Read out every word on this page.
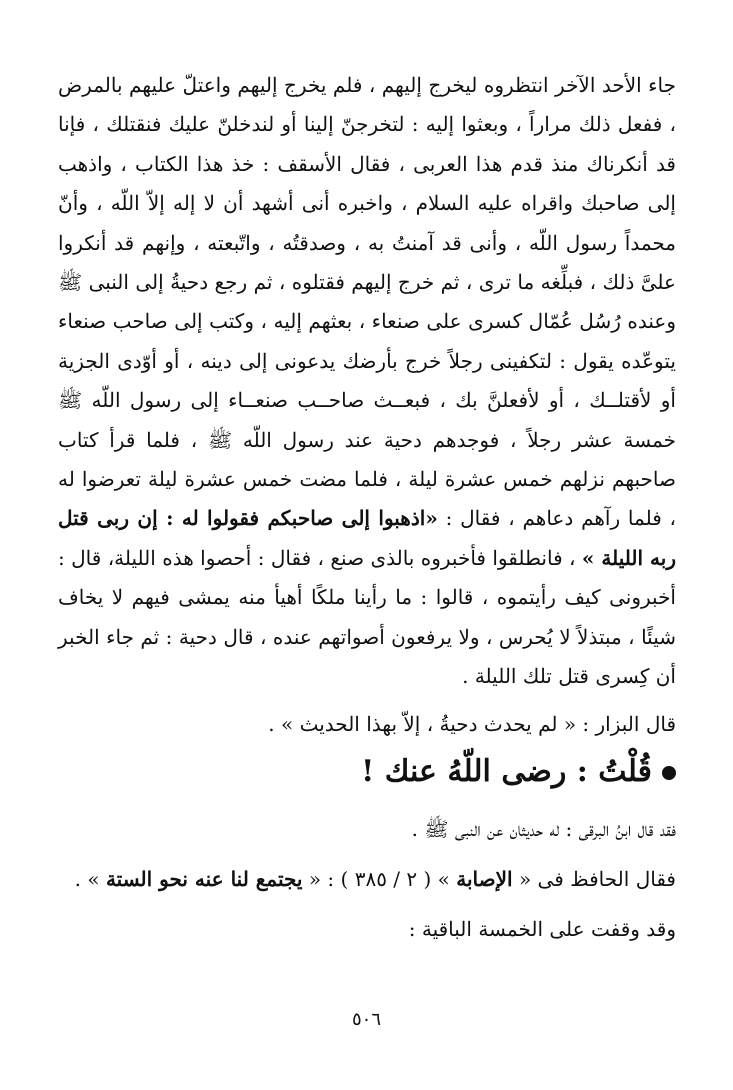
جاء الأحد الآخر انتظروه ليخرج إليهم ، فلم يخرج إليهم واعتلّ عليهم بالمرض ، ففعل ذلك مراراً ، وبعثوا إليه : لتخرجنّ إلينا أو لندخلنّ عليك فنقتلك ، فإنا قد أنكرناك منذ قدم هذا العربى ، فقال الأسقف : خذ هذا الكتاب ، واذهب إلى صاحبك واقراه عليه السلام ، واخبره أنى أشهد أن لا إله إلاّ اللّه ، وأنّ محمداً رسول اللّه ، وأنى قد آمنتُ به ، وصدقتُه ، واتّبعته ، وإنهم قد أنكروا علىَّ ذلك ، فبلِّغه ما ترى ، ثم خرج إليهم فقتلوه ، ثم رجع دحيةُ إلى النبى ﷺ وعنده رُسُل عُمّال كسرى على صنعاء ، بعثهم إليه ، وكتب إلى صاحب صنعاء يتوعّده يقول : لتكفينى رجلاً خرج بأرضك يدعونى إلى دينه ، أو أوّدى الجزية أو لأقتلــك ، أو لأفعلنَّ بك ، فبعــث صاحــب صنعــاء إلى رسول اللّه ﷺ خمسة عشر رجلاً ، فوجدهم دحية عند رسول اللّه ﷺ ، فلما قرأ كتاب صاحبهم نزلهم خمس عشرة ليلة ، فلما مضت خمس عشرة ليلة تعرضوا له ، فلما رآهم دعاهم ، فقال : «اذهبوا إلى صاحبكم فقولوا له : إن ربى قتل ربه الليلة » ، فانطلقوا فأخبروه بالذى صنع ، فقال : أحصوا هذه الليلة، قال : أخبرونى كيف رأيتموه ، قالوا : ما رأينا ملكًا أهيأ منه يمشى فيهم لا يخاف شيئًا ، مبتذلاً لا يُحرس ، ولا يرفعون أصواتهم عنده ، قال دحية : ثم جاء الخبر أن كِسرى قتل تلك الليلة .

قال البزار : « لم يحدث دحيةُ ، إلاّ بهذا الحديث » .

قُلْتُ : رضى اللّهُ عنك !

فقد قال ابنُ البرقى : له حديثان عن النبى ﷺ .

فقال الحافظ فى « الإصابة » ( ٢ / ٣٨٥ ) : « يجتمع لنا عنه نحو الستة » .

وقد وقفت على الخمسة الباقية :

٥٠٦
